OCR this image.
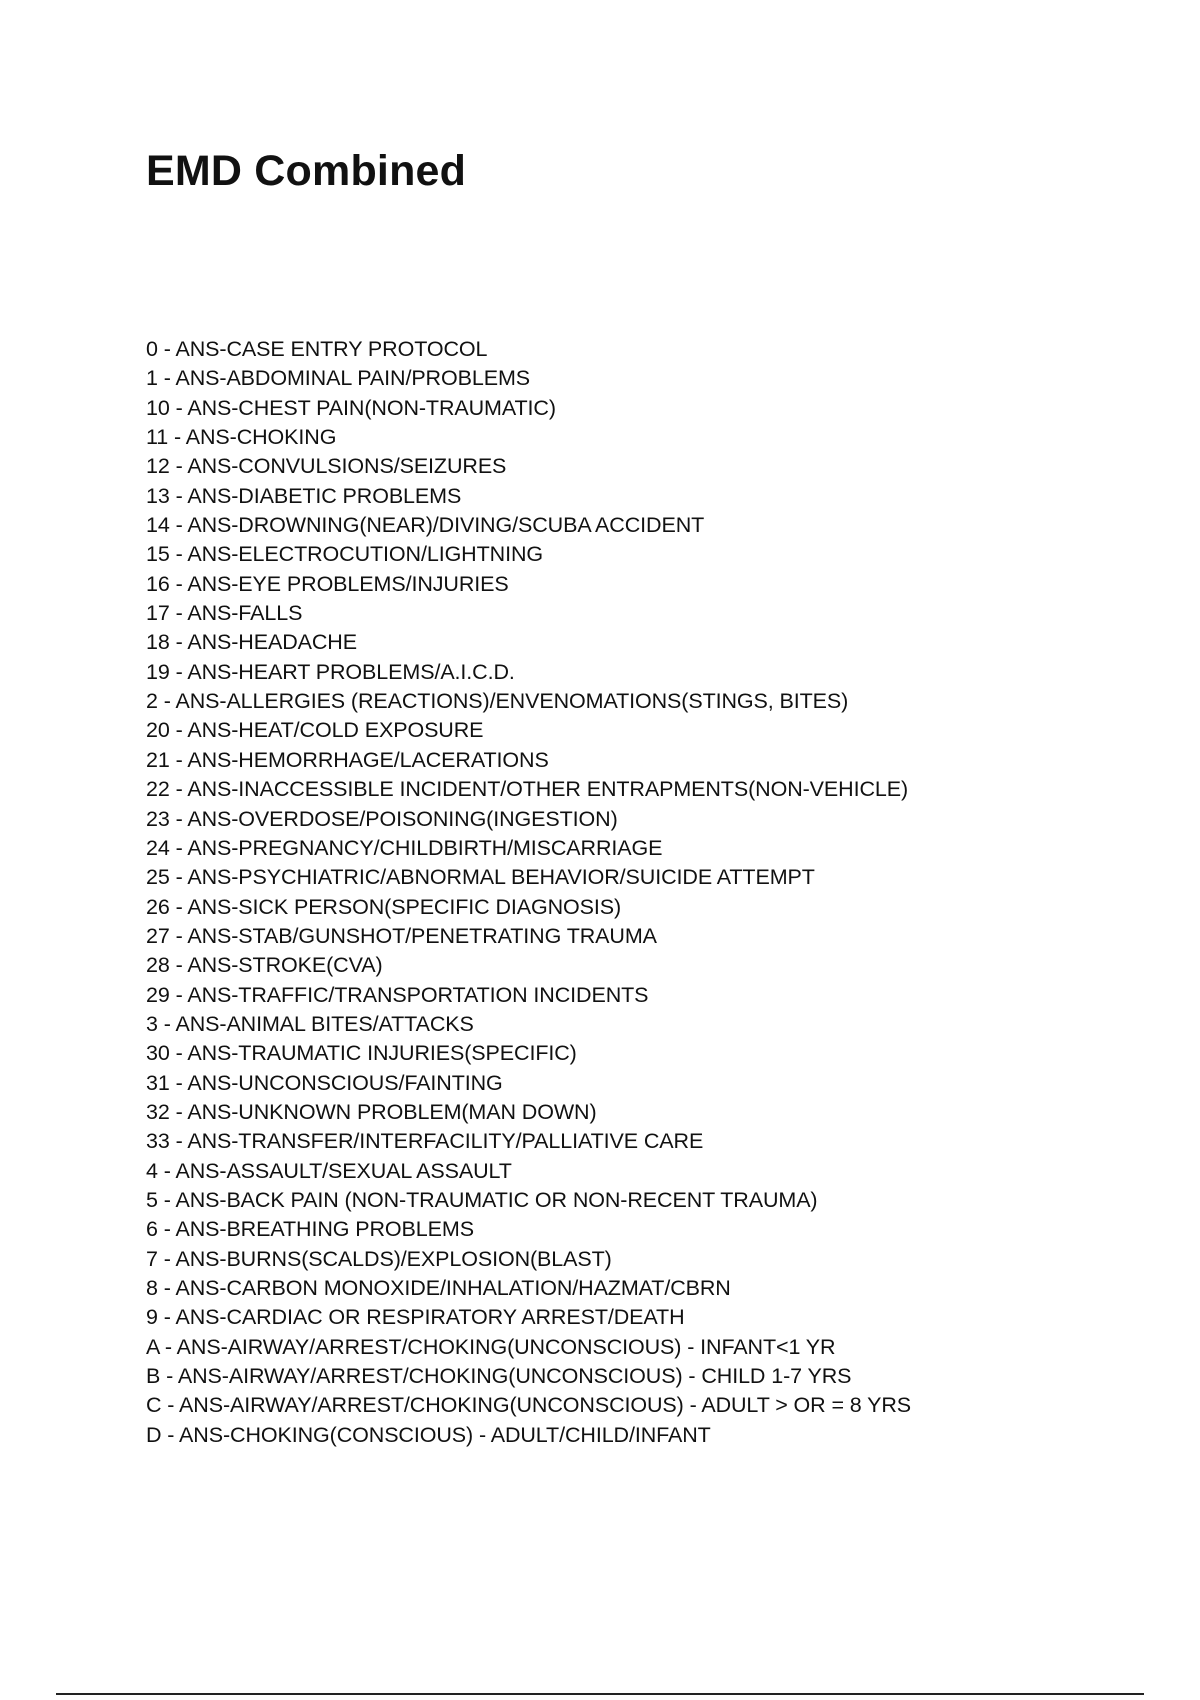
EMD Combined
0 - ANS-CASE ENTRY PROTOCOL
1 - ANS-ABDOMINAL PAIN/PROBLEMS
10 - ANS-CHEST PAIN(NON-TRAUMATIC)
11 - ANS-CHOKING
12 - ANS-CONVULSIONS/SEIZURES
13 - ANS-DIABETIC PROBLEMS
14 - ANS-DROWNING(NEAR)/DIVING/SCUBA ACCIDENT
15 - ANS-ELECTROCUTION/LIGHTNING
16 - ANS-EYE PROBLEMS/INJURIES
17 - ANS-FALLS
18 - ANS-HEADACHE
19 - ANS-HEART PROBLEMS/A.I.C.D.
2 - ANS-ALLERGIES (REACTIONS)/ENVENOMATIONS(STINGS, BITES)
20 - ANS-HEAT/COLD EXPOSURE
21 - ANS-HEMORRHAGE/LACERATIONS
22 - ANS-INACCESSIBLE INCIDENT/OTHER ENTRAPMENTS(NON-VEHICLE)
23 - ANS-OVERDOSE/POISONING(INGESTION)
24 - ANS-PREGNANCY/CHILDBIRTH/MISCARRIAGE
25 - ANS-PSYCHIATRIC/ABNORMAL BEHAVIOR/SUICIDE ATTEMPT
26 - ANS-SICK PERSON(SPECIFIC DIAGNOSIS)
27 - ANS-STAB/GUNSHOT/PENETRATING TRAUMA
28 - ANS-STROKE(CVA)
29 - ANS-TRAFFIC/TRANSPORTATION INCIDENTS
3 - ANS-ANIMAL BITES/ATTACKS
30 - ANS-TRAUMATIC INJURIES(SPECIFIC)
31 - ANS-UNCONSCIOUS/FAINTING
32 - ANS-UNKNOWN PROBLEM(MAN DOWN)
33 - ANS-TRANSFER/INTERFACILITY/PALLIATIVE CARE
4 - ANS-ASSAULT/SEXUAL ASSAULT
5 - ANS-BACK PAIN (NON-TRAUMATIC OR NON-RECENT TRAUMA)
6 - ANS-BREATHING PROBLEMS
7 - ANS-BURNS(SCALDS)/EXPLOSION(BLAST)
8 - ANS-CARBON MONOXIDE/INHALATION/HAZMAT/CBRN
9 - ANS-CARDIAC OR RESPIRATORY ARREST/DEATH
A - ANS-AIRWAY/ARREST/CHOKING(UNCONSCIOUS) - INFANT<1 YR
B - ANS-AIRWAY/ARREST/CHOKING(UNCONSCIOUS) - CHILD 1-7 YRS
C - ANS-AIRWAY/ARREST/CHOKING(UNCONSCIOUS) - ADULT > OR = 8 YRS
D - ANS-CHOKING(CONSCIOUS) - ADULT/CHILD/INFANT
